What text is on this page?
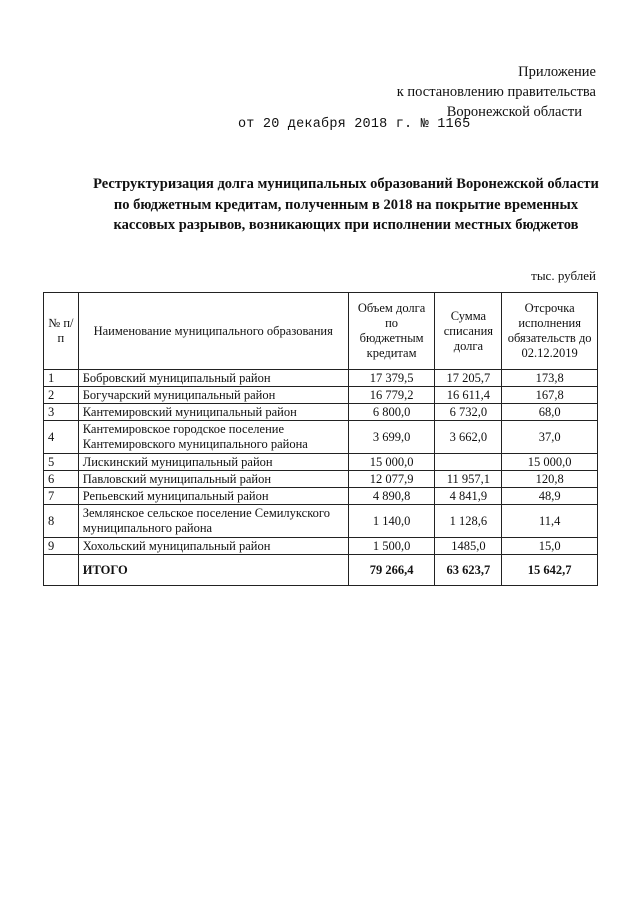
Приложение
к постановлению правительства
Воронежской области
от 20 декабря 2018 г. № 1165
Реструктуризация долга муниципальных образований Воронежской области по бюджетным кредитам, полученным в 2018 на покрытие временных кассовых разрывов, возникающих при исполнении местных бюджетов
тыс. рублей
№ п/п	Наименование муниципального образования	Объем долга по бюджетным кредитам	Сумма списания долга	Отсрочка исполнения обязательств до 02.12.2019
1	Бобровский муниципальный район	17 379,5	17 205,7	173,8
2	Богучарский муниципальный район	16 779,2	16 611,4	167,8
3	Кантемировский муниципальный район	6 800,0	6 732,0	68,0
4	Кантемировское городское поселение Кантемировского муниципального района	3 699,0	3 662,0	37,0
5	Лискинский муниципальный район	15 000,0		15 000,0
6	Павловский муниципальный район	12 077,9	11 957,1	120,8
7	Репьевский муниципальный район	4 890,8	4 841,9	48,9
8	Землянское сельское поселение Семилукского муниципального района	1 140,0	1 128,6	11,4
9	Хохольский муниципальный район	1 500,0	1485,0	15,0
	ИТОГО	79 266,4	63 623,7	15 642,7
